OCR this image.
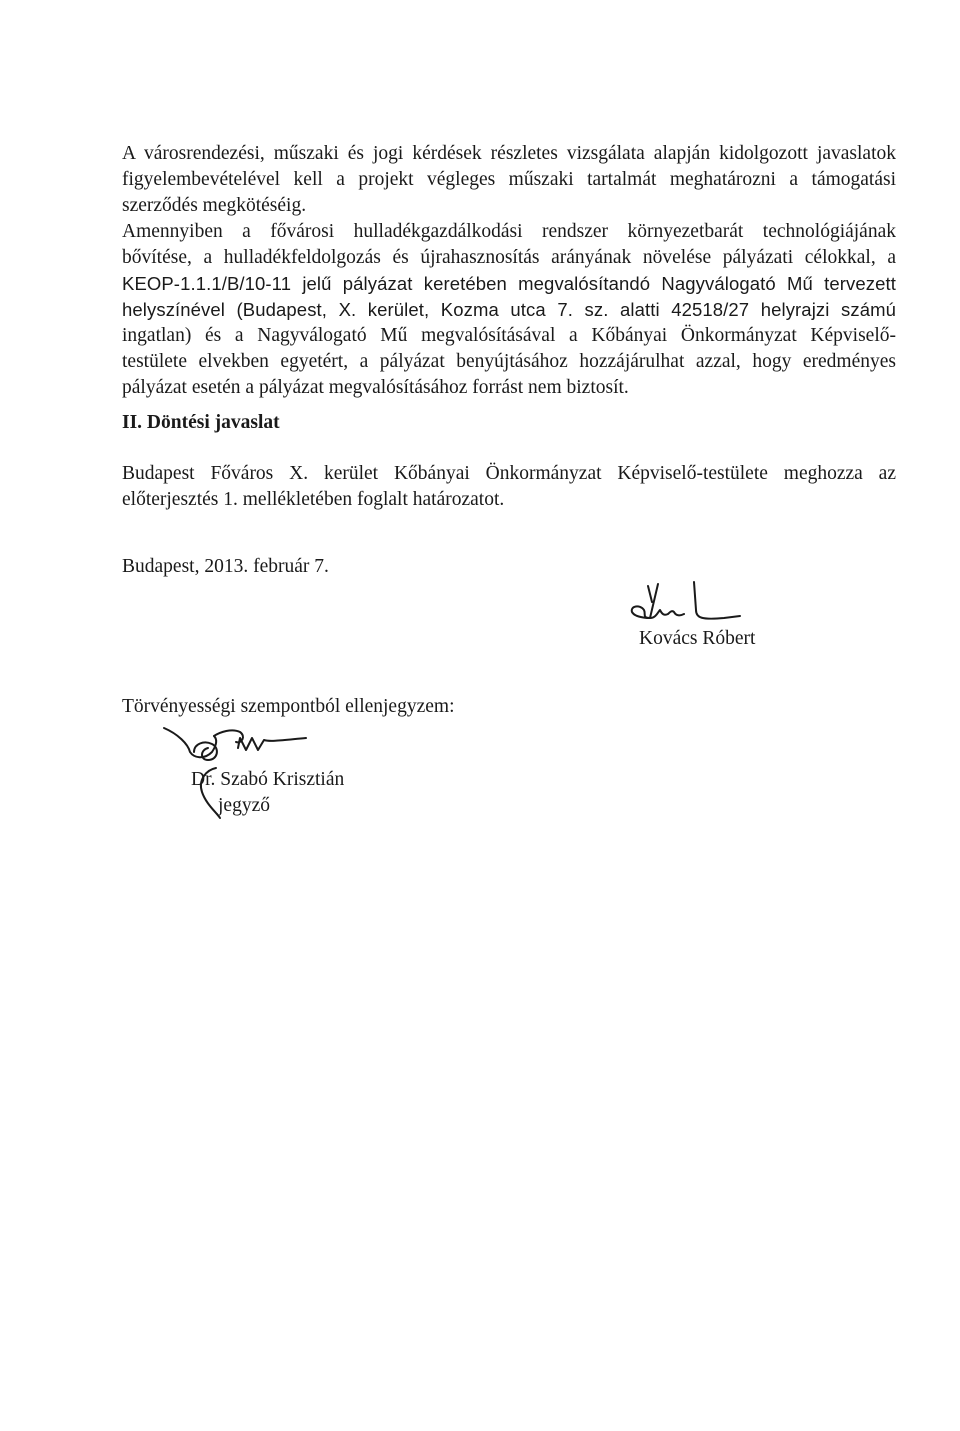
A városrendezési, műszaki és jogi kérdések részletes vizsgálata alapján kidolgozott javaslatok
figyelembevételével kell a projekt végleges műszaki tartalmát meghatározni a támogatási
szerződés megkötéséig.
Amennyiben a fővárosi hulladékgazdálkodási rendszer környezetbarát technológiájának
bővítése, a hulladékfeldolgozás és újrahasznosítás arányának növelése pályázati célokkal, a
KEOP-1.1.1/B/10-11 jelű pályázat keretében megvalósítandó Nagyválogató Mű tervezett
helyszínével (Budapest, X. kerület, Kozma utca 7. sz. alatti 42518/27 helyrajzi számú
ingatlan) és a Nagyválogató Mű megvalósításával a Kőbányai Önkormányzat Képviselő-
testülete elvekben egyetért, a pályázat benyújtásához hozzájárulhat azzal, hogy eredményes
pályázat esetén a pályázat megvalósításához forrást nem biztosít.
II. Döntési javaslat
Budapest Főváros X. kerület Kőbányai Önkormányzat Képviselő-testülete meghozza az
előterjesztés 1. mellékletében foglalt határozatot.

Budapest, 2013. február 7.

Kovács Róbert

Törvényességi szempontból ellenjegyzem:

Dr. Szabó Krisztián

jegyző
